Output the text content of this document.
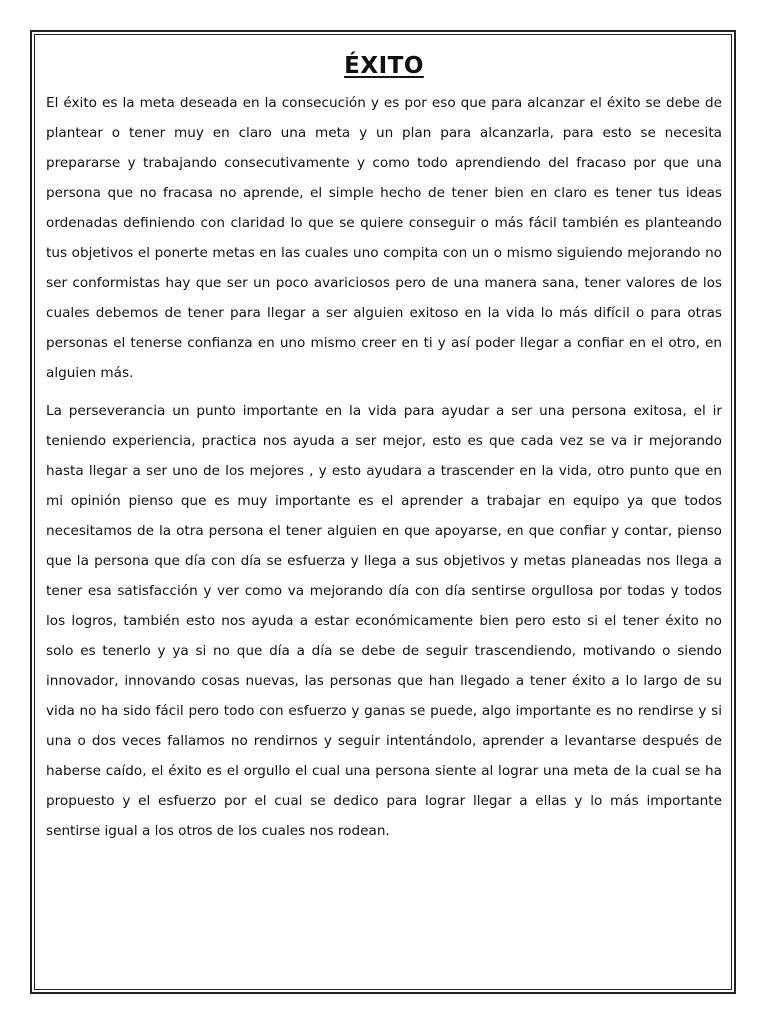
ÉXITO

El éxito es la meta deseada en la consecución y es por eso que para alcanzar el éxito se debe de plantear o tener muy en claro una meta y un plan para alcanzarla, para esto se necesita prepararse y trabajando consecutivamente y como todo aprendiendo del fracaso por que una persona que no fracasa no aprende, el simple hecho de tener bien en claro es tener tus ideas ordenadas definiendo con claridad lo que se quiere conseguir o más fácil también es planteando tus objetivos el ponerte metas en las cuales uno compita con un o mismo siguiendo mejorando no ser conformistas hay que ser un poco avariciosos pero de una manera sana, tener valores de los cuales debemos de tener para llegar a ser alguien exitoso en la vida lo más difícil o para otras personas el tenerse confianza en uno mismo creer en ti y así poder llegar a confiar en el otro, en alguien más.

La perseverancia un punto importante en la vida para ayudar a ser una persona exitosa, el ir teniendo experiencia, practica nos ayuda a ser mejor, esto es que cada vez se va ir mejorando hasta llegar a ser uno de los mejores , y esto ayudara a trascender en la vida, otro punto que en mi opinión pienso que es muy importante es el aprender a trabajar en equipo ya que todos necesitamos de la otra persona el tener alguien en que apoyarse, en que confiar y contar, pienso que la persona que día con día se esfuerza y llega a sus objetivos y metas planeadas nos llega a tener esa satisfacción y ver como va mejorando día con día sentirse orgullosa por todas y todos los logros, también esto nos ayuda a estar económicamente bien pero esto si el tener éxito no solo es tenerlo y ya si no que día a día se debe de seguir trascendiendo, motivando o siendo innovador, innovando cosas nuevas, las personas que han llegado a tener éxito a lo largo de su vida no ha sido fácil pero todo con esfuerzo y ganas se puede, algo importante es no rendirse y si una o dos veces fallamos no rendirnos y seguir intentándolo, aprender a levantarse después de haberse caído, el éxito es el orgullo el cual una persona siente al lograr una meta de la cual se ha propuesto y el esfuerzo por el cual se dedico para lograr llegar a ellas y lo más importante sentirse igual a los otros de los cuales nos rodean.
